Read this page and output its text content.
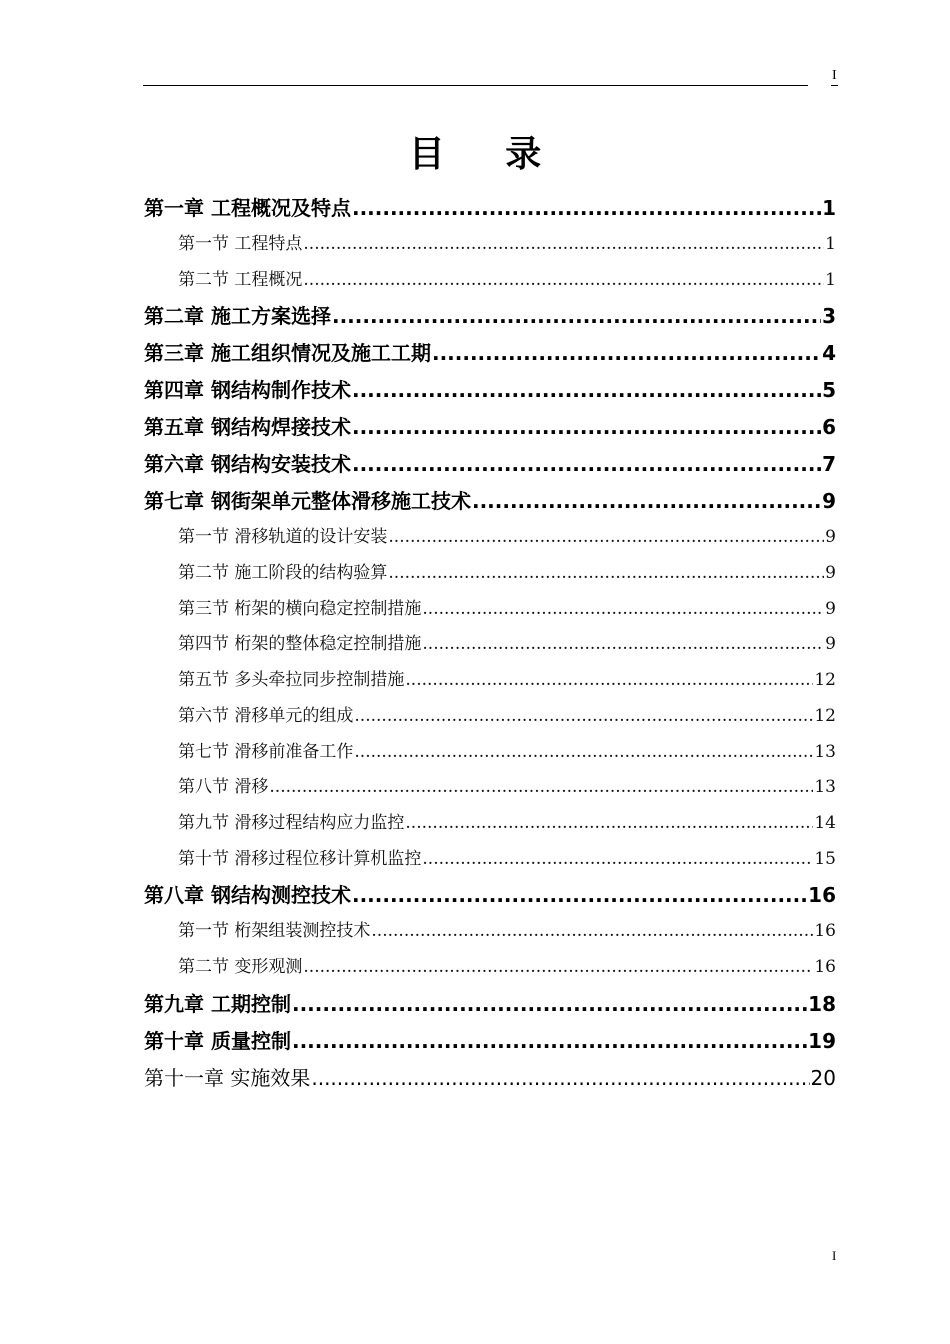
I
目 录
第一章 工程概况及特点 .....	1
第一节 工程特点 .....	1
第二节 工程概况 .....	1
第二章 施工方案选择 .....	3
第三章 施工组织情况及施工工期 .....	4
第四章 钢结构制作技术 .....	5
第五章 钢结构焊接技术 .....	6
第六章 钢结构安装技术 .....	7
第七章 钢街架单元整体滑移施工技术 .....	9
第一节 滑移轨道的设计安装 .....	9
第二节 施工阶段的结构验算 .....	9
第三节 桁架的横向稳定控制措施 .....	9
第四节 桁架的整体稳定控制措施 .....	9
第五节 多头牵拉同步控制措施 .....	12
第六节 滑移单元的组成 .....	12
第七节 滑移前准备工作 .....	13
第八节 滑移 .....	13
第九节 滑移过程结构应力监控 .....	14
第十节 滑移过程位移计算机监控 .....	15
第八章 钢结构测控技术 .....	16
第一节 桁架组装测控技术 .....	16
第二节 变形观测 .....	16
第九章 工期控制 .....	18
第十章 质量控制 .....	19
第十一章 实施效果 .....	20
I
